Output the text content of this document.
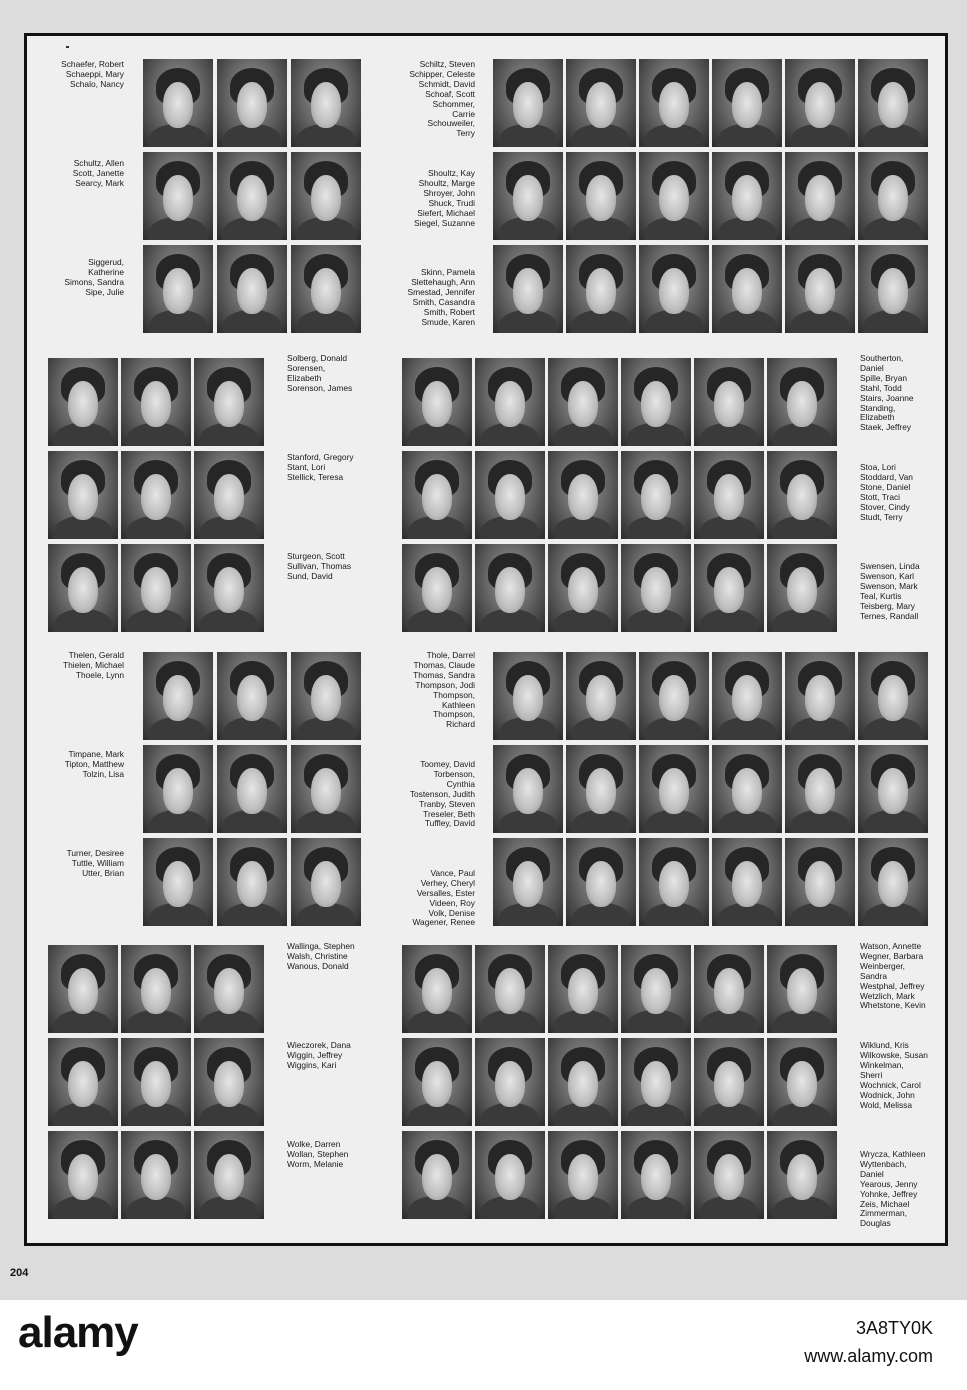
Schaefer, Robert
Schaeppi, Mary
Schalo, Nancy

Schultz, Allen
Scott, Janette
Searcy, Mark

Siggerud,
Katherine
Simons, Sandra
Sipe, Julie
Schiltz, Steven
Schipper, Celeste
Schmidt, David
Schoaf, Scott
Schommer,
Carrie
Schouweiler,
Terry

Shoultz, Kay
Shoultz, Marge
Shroyer, John
Shuck, Trudi
Siefert, Michael
Siegel, Suzanne

Skinn, Pamela
Slettehaugh, Ann
Smestad, Jennifer
Smith, Casandra
Smith, Robert
Smude, Karen
Solberg, Donald
Sorensen,
Elizabeth
Sorenson, James

Stanford, Gregory
Stant, Lori
Stellick, Teresa

Sturgeon, Scott
Sullivan, Thomas
Sund, David
Southerton,
Daniel
Spille, Bryan
Stahl, Todd
Stairs, Joanne
Standing,
Elizabeth
Staek, Jeffrey

Stoa, Lori
Stoddard, Van
Stone, Daniel
Stott, Traci
Stover, Cindy
Studt, Terry

Swensen, Linda
Swenson, Karl
Swenson, Mark
Teal, Kurtis
Teisberg, Mary
Ternes, Randall
Thelen, Gerald
Thielen, Michael
Thoele, Lynn

Timpane, Mark
Tipton, Matthew
Tolzin, Lisa

Turner, Desiree
Tuttle, William
Utter, Brian
Thole, Darrel
Thomas, Claude
Thomas, Sandra
Thompson, Jodi
Thompson,
Kathleen
Thompson,
Richard

Toomey, David
Torbenson,
Cynthia
Tostenson, Judith
Tranby, Steven
Treseler, Beth
Tuffley, David

Vance, Paul
Verhey, Cheryl
Versalles, Ester
Videen, Roy
Volk, Denise
Wagener, Renee
Wallinga, Stephen
Walsh, Christine
Wanous, Donald

Wieczorek, Dana
Wiggin, Jeffrey
Wiggins, Kari

Wolke, Darren
Wollan, Stephen
Worm, Melanie
Watson, Annette
Wegner, Barbara
Weinberger,
Sandra
Westphal, Jeffrey
Wetzlich, Mark
Whetstone, Kevin

Wiklund, Kris
Wilkowske, Susan
Winkelman,
Sherri
Wochnick, Carol
Wodnick, John
Wold, Melissa

Wrycza, Kathleen
Wyttenbach,
Daniel
Yearous, Jenny
Yohnke, Jeffrey
Zeis, Michael
Zimmerman,
Douglas
204
alamy	3A8TY0K
www.alamy.com
